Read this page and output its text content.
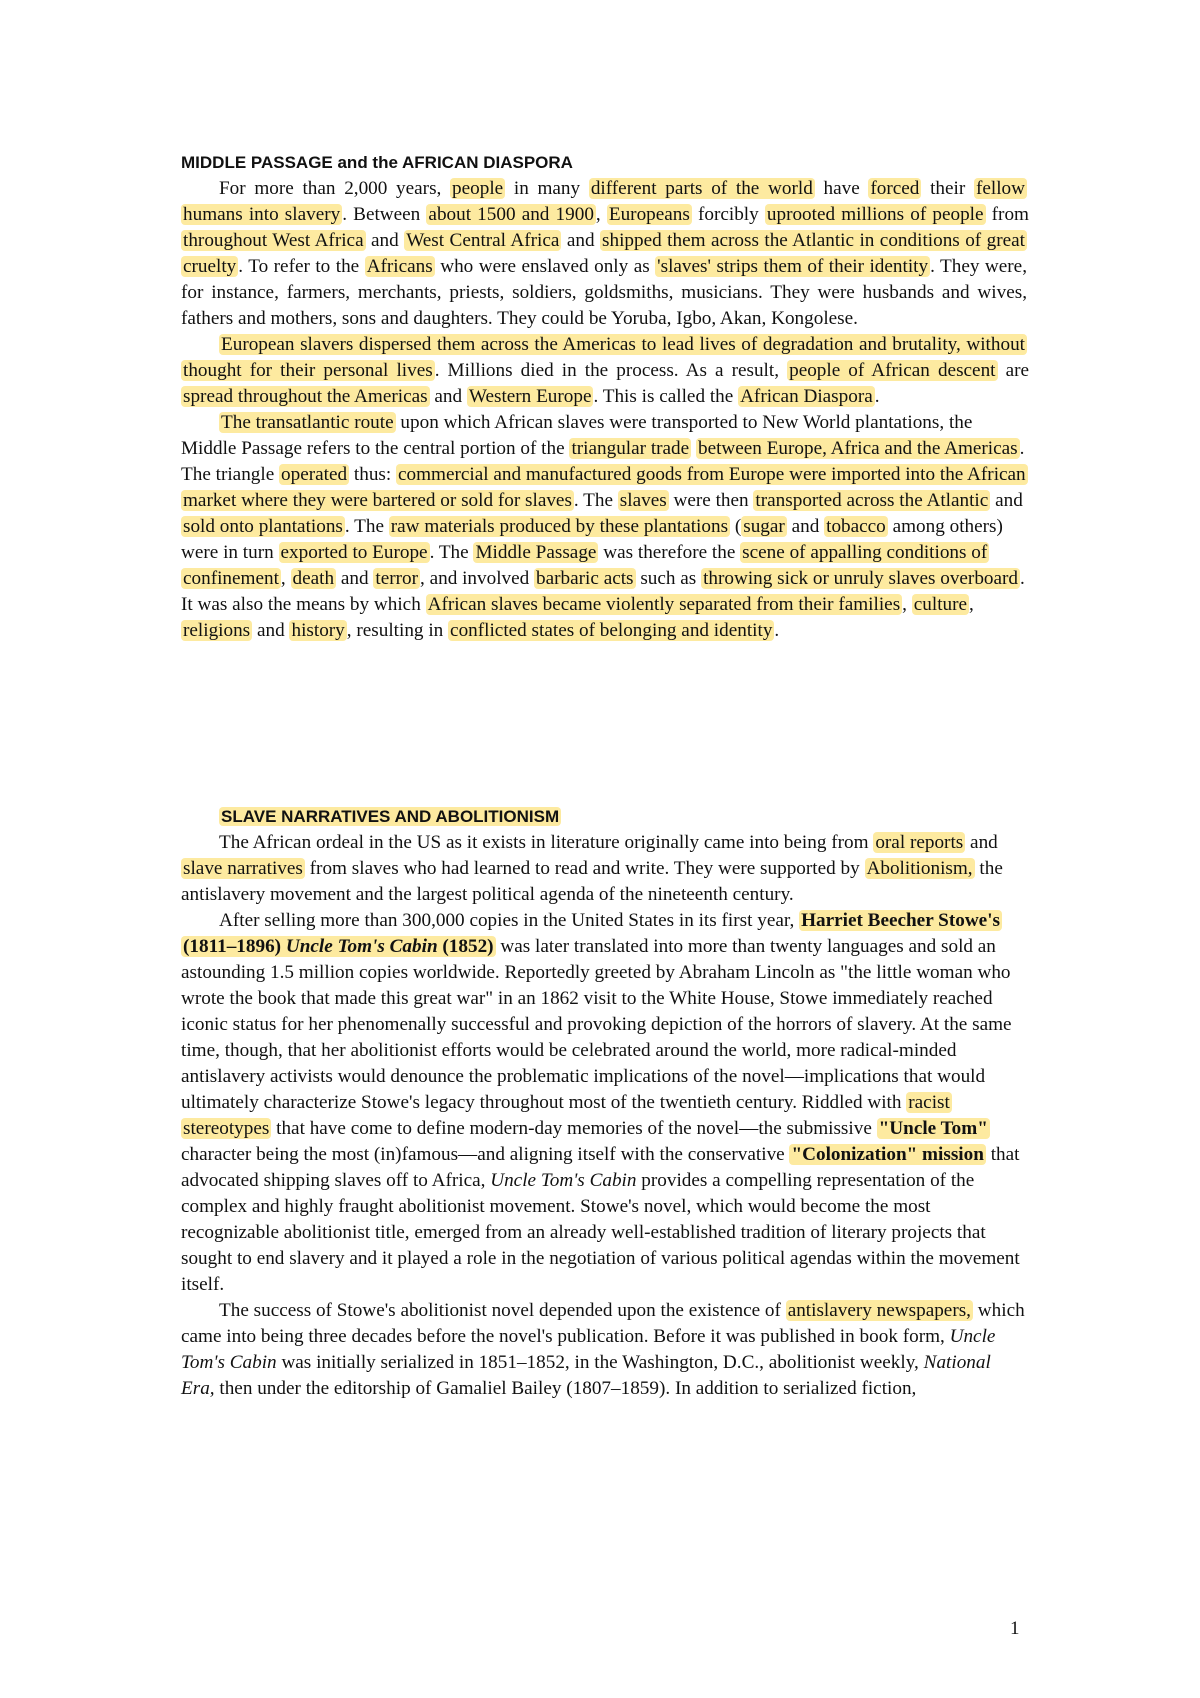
MIDDLE PASSAGE and the AFRICAN DIASPORA

For more than 2,000 years, people in many different parts of the world have forced their fellow humans into slavery . Between about 1500 and 1900 , Europeans forcibly uprooted millions of people from throughout West Africa and West Central Africa and shipped them across the Atlantic in conditions of great cruelty . To refer to the Africans who were enslaved only as 'slaves' strips them of their identity . They were, for instance, farmers, merchants, priests, soldiers, goldsmiths, musicians. They were husbands and wives, fathers and mothers, sons and daughters. They could be Yoruba, Igbo, Akan, Kongolese.

European slavers dispersed them across the Americas to lead lives of degradation and brutality, without thought for their personal lives . Millions died in the process. As a result, people of African descent are spread throughout the Americas and Western Europe . This is called the African Diaspora .

The transatlantic route upon which African slaves were transported to New World plantations, the Middle Passage refers to the central portion of the triangular trade between Europe, Africa and the Americas . The triangle operated thus: commercial and manufactured goods from Europe were imported into the African market where they were bartered or sold for slaves . The slaves were then transported across the Atlantic and sold onto plantations . The raw materials produced by these plantations ( sugar and tobacco among others) were in turn exported to Europe . The Middle Passage was therefore the scene of appalling conditions of confinement , death and terror , and involved barbaric acts such as throwing sick or unruly slaves overboard . It was also the means by which African slaves became violently separated from their families , culture , religions and history , resulting in conflicted states of belonging and identity .

SLAVE NARRATIVES AND ABOLITIONISM

The African ordeal in the US as it exists in literature originally came into being from oral reports and slave narratives from slaves who had learned to read and write. They were supported by Abolitionism, the antislavery movement and the largest political agenda of the nineteenth century.

After selling more than 300,000 copies in the United States in its first year, Harriet Beecher Stowe's (1811–1896) Uncle Tom's Cabin (1852) was later translated into more than twenty languages and sold an astounding 1.5 million copies worldwide. Reportedly greeted by Abraham Lincoln as "the little woman who wrote the book that made this great war" in an 1862 visit to the White House, Stowe immediately reached iconic status for her phenomenally successful and provoking depiction of the horrors of slavery. At the same time, though, that her abolitionist efforts would be celebrated around the world, more radical-minded antislavery activists would denounce the problematic implications of the novel—implications that would ultimately characterize Stowe's legacy throughout most of the twentieth century. Riddled with racist stereotypes that have come to define modern-day memories of the novel—the submissive "Uncle Tom" character being the most (in)famous—and aligning itself with the conservative "Colonization" mission that advocated shipping slaves off to Africa, Uncle Tom's Cabin provides a compelling representation of the complex and highly fraught abolitionist movement. Stowe's novel, which would become the most recognizable abolitionist title, emerged from an already well-established tradition of literary projects that sought to end slavery and it played a role in the negotiation of various political agendas within the movement itself.

The success of Stowe's abolitionist novel depended upon the existence of antislavery newspapers, which came into being three decades before the novel's publication. Before it was published in book form, Uncle Tom's Cabin was initially serialized in 1851–1852, in the Washington, D.C., abolitionist weekly, National Era, then under the editorship of Gamaliel Bailey (1807–1859). In addition to serialized fiction,

1
